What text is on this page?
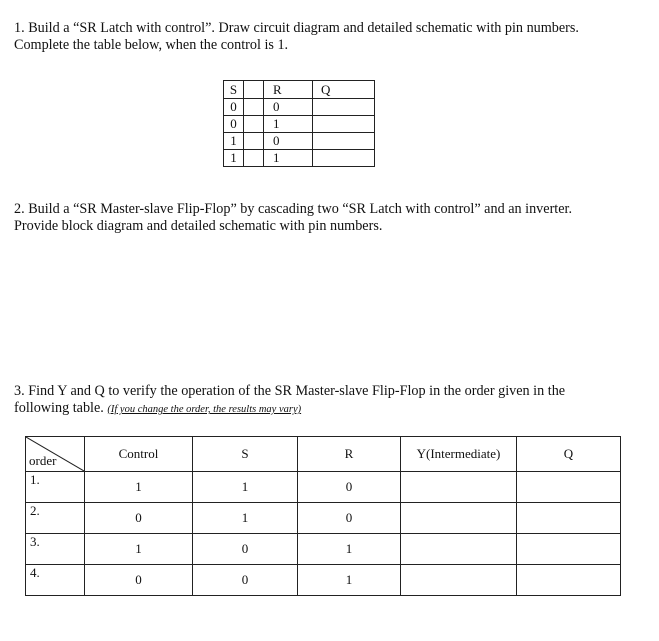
1. Build a “SR Latch with control”. Draw circuit diagram and detailed schematic with pin numbers.
Complete the table below, when the control is 1.
S		R	Q
0		0	
0		1	
1		0	
1		1	
2. Build a “SR Master-slave Flip-Flop” by cascading two “SR Latch with control” and an inverter.
Provide block diagram and detailed schematic with pin numbers.
3. Find Y and Q to verify the operation of the SR Master-slave Flip-Flop in the order given in the
following table. (If you change the order, the results may vary)
order	Control	S	R	Y(Intermediate)	Q
1.	1	1	0		
2.	0	1	0		
3.	1	0	1		
4.	0	0	1		
